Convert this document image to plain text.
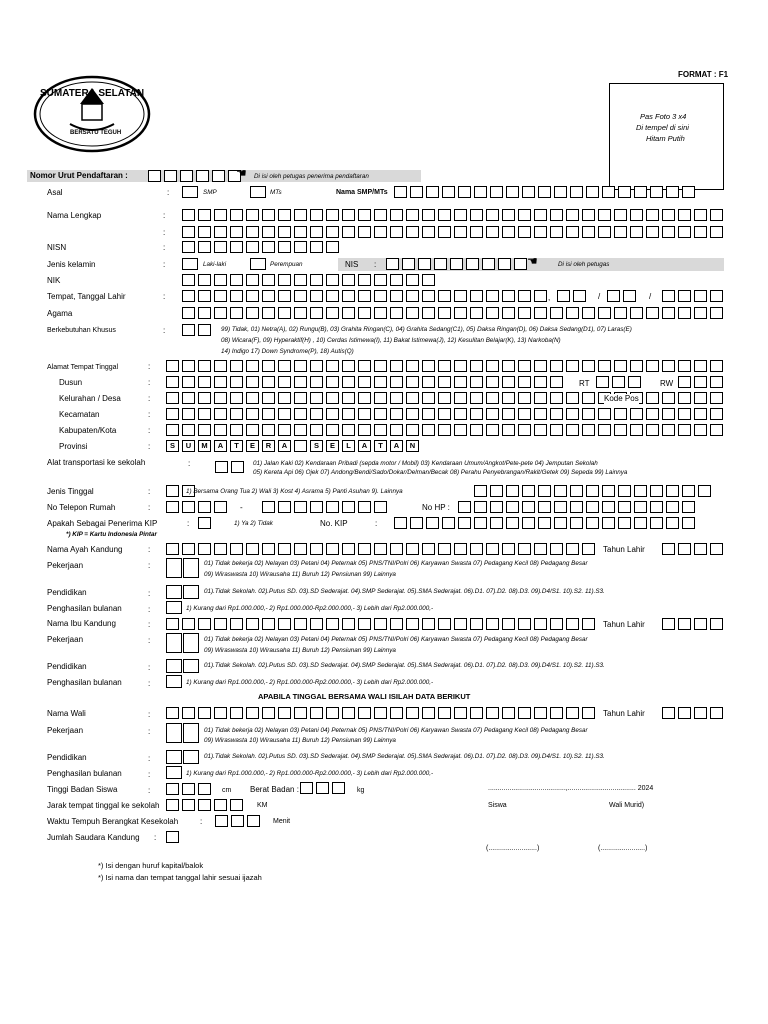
SUMATERA SELATAN
BERSATU TEGUH
FORMAT : F1
Pas Foto 3 x4
Di tempel di sini
Hitam Putih
Nomor Urut Pendaftaran :	☚ Di isi oleh petugas penerima pendaftaran
Asal	:	SMP	MTs	Nama SMP/MTs
Nama Lengkap	:
:
NISN	:
Jenis kelamin	:	Laki-laki	Perempuan	NIS :	☚	Di isi oleh petugas
NIK
Tempat, Tanggal Lahir	:	,	/	/
Agama
Berkebutuhan Khusus	:	99) Tidak, 01) Netra(A), 02) Rungu(B), 03) Grahita Ringan(C), 04) Grahita Sedang(C1), 05) Daksa Ringan(D), 06) Daksa Sedang(D1), 07) Laras(E)
08) Wicara(F), 09) Hyperaktif(H) , 10) Cerdas Istimewa(I), 11) Bakat Istimewa(J), 12) Kesulitan Belajar(K), 13) Narkoba(N)
14) Indigo 17) Down Syndrome(P), 18) Autis(Q)
Alamat Tempat Tinggal	:
Dusun	:	RT	RW
Kelurahan / Desa	:	Kode Pos
Kecamatan	:
Kabupaten/Kota	:
Provinsi	:	S	U	M	A	T	E	R	A	S	E	L	A	T	A	N
Alat transportasi ke sekolah	:	01) Jalan Kaki 02) Kendaraan Pribadi (sepda motor / Mobil) 03) Kendaraan Umum/Angkot/Pete-pete 04) Jemputan Sekolah
05) Kereta Api 06) Ojek 07) Andong/Bendi/Sado/Dokar/Delman/Becak 08) Perahu Penyebrangan/Rakit/Getek 09) Sepeda 99) Lainnya
Jenis Tinggal	:	1) Bersama Orang Tua 2) Wali 3) Kost 4) Asrama 5) Panti Asuhan 9). Lainnya
No Telepon Rumah	:	-	No HP :
Apakah Sebagai Penerima KIP	:	1) Ya 2) Tidak	No. KIP	:
*) KIP = Kartu Indonesia Pintar
Nama Ayah Kandung	:	Tahun Lahir
Pekerjaan	:	01) Tidak bekerja 02) Nelayan 03) Petani 04) Peternak 05) PNS/TNI/Polri 06) Karyawan Swasta 07) Pedagang Kecil 08) Pedagang Besar
09) Wiraswasta 10) Wirausaha 11) Buruh 12) Pensiunan 99) Lainnya
Pendidikan	:	01).Tidak Sekolah. 02).Putus SD. 03).SD Sederajat. 04).SMP Sederajat. 05).SMA Sederajat. 06).D1. 07).D2. 08).D3. 09).D4/S1. 10).S2. 11).S3.
Penghasilan bulanan	:	1) Kurang dari Rp1.000.000,- 2) Rp1.000.000-Rp2.000.000,- 3) Lebih dari Rp2.000.000,-
Nama Ibu Kandung	:	Tahun Lahir
Pekerjaan	:	01) Tidak bekerja 02) Nelayan 03) Petani 04) Peternak 05) PNS/TNI/Polri 06) Karyawan Swasta 07) Pedagang Kecil 08) Pedagang Besar
09) Wiraswasta 10) Wirausaha 11) Buruh 12) Pensiunan 99) Lainnya
Pendidikan	:	01).Tidak Sekolah. 02).Putus SD. 03).SD Sederajat. 04).SMP Sederajat. 05).SMA Sederajat. 06).D1. 07).D2. 08).D3. 09).D4/S1. 10).S2. 11).S3.
Penghasilan bulanan	:	1) Kurang dari Rp1.000.000,- 2) Rp1.000.000-Rp2.000.000,- 3) Lebih dari Rp2.000.000,-
APABILA TINGGAL BERSAMA WALI ISILAH DATA BERIKUT
Nama Wali	:	Tahun Lahir
Pekerjaan	:	01) Tidak bekerja 02) Nelayan 03) Petani 04) Peternak 05) PNS/TNI/Polri 06) Karyawan Swasta 07) Pedagang Kecil 08) Pedagang Besar
09) Wiraswasta 10) Wirausaha 11) Buruh 12) Pensiunan 99) Lainnya
Pendidikan	:	01).Tidak Sekolah. 02).Putus SD. 03).SD Sederajat. 04).SMP Sederajat. 05).SMA Sederajat. 06).D1. 07).D2. 08).D3. 09).D4/S1. 10).S2. 11).S3.
Penghasilan bulanan	:	1) Kurang dari Rp1.000.000,- 2) Rp1.000.000-Rp2.000.000,- 3) Lebih dari Rp2.000.000,-
Tinggi Badan Siswa	:	cm Berat Badan :	kg	........................................,................................... 2024
Jarak tempat tinggal ke sekolah	KM	Siswa	Wali Murid)
Waktu Tempuh Berangkat Kesekolah	:	Menit
Jumlah Saudara Kandung :
(.........................)	(.......................)
*) Isi dengan huruf kapital/balok
*) Isi nama dan tempat tanggal lahir sesuai ijazah
